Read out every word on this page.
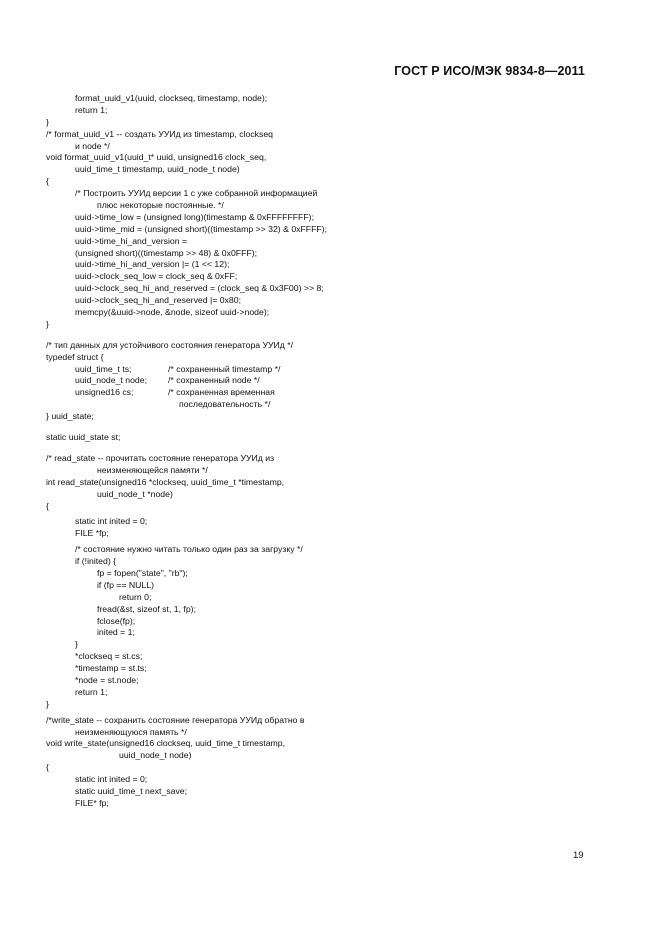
ГОСТ Р ИСО/МЭК 9834-8—2011
format_uuid_v1(uuid, clockseq, timestamp, node);
return 1;
}
/* format_uuid_v1 -- создать УУИд из timestamp, clockseq
и node */
void format_uuid_v1(uuid_t* uuid, unsigned16 clock_seq,
uuid_time_t timestamp, uuid_node_t node)
{
/* Построить УУИд версии 1 с уже собранной информацией
плюс некоторые постоянные. */
uuid->time_low = (unsigned long)(timestamp & 0xFFFFFFFF);
uuid->time_mid = (unsigned short)((timestamp >> 32) & 0xFFFF);
uuid->time_hi_and_version =
(unsigned short)((timestamp >> 48) & 0x0FFF);
uuid->time_hi_and_version |= (1 << 12);
uuid->clock_seq_low = clock_seq & 0xFF;
uuid->clock_seq_hi_and_reserved = (clock_seq & 0x3F00) >> 8;
uuid->clock_seq_hi_and_reserved |= 0x80;
memcpy(&uuid->node, &node, sizeof uuid->node);
}
/* тип данных для устойчивого состояния генератора УУИд */
typedef struct {
uuid_time_t ts;	/* сохраненный timestamp */
uuid_node_t node; /* сохраненный node */
unsigned16 cs;	/* сохраненная временная
последовательность */
} uuid_state;
static uuid_state st;
/* read_state -- прочитать состояние генератора УУИд из
неизменяющейся памяти */
int read_state(unsigned16 *clockseq, uuid_time_t *timestamp,
uuid_node_t *node)
{
static int inited = 0;
FILE *fp;
/* состояние нужно читать только один раз за загрузку */
if (!inited) {
fp = fopen("state", "rb");
if (fp == NULL)
return 0;
fread(&st, sizeof st, 1, fp);
fclose(fp);
inited = 1;
}
*clockseq = st.cs;
*timestamp = st.ts;
*node = st.node;
return 1;
}
/*write_state -- сохранить состояние генератора УУИд обратно в
неизменяющуюся память */
void write_state(unsigned16 clockseq, uuid_time_t timestamp,
uuid_node_t node)
{
static int inited = 0;
static uuid_time_t next_save;
FILE* fp;
19
